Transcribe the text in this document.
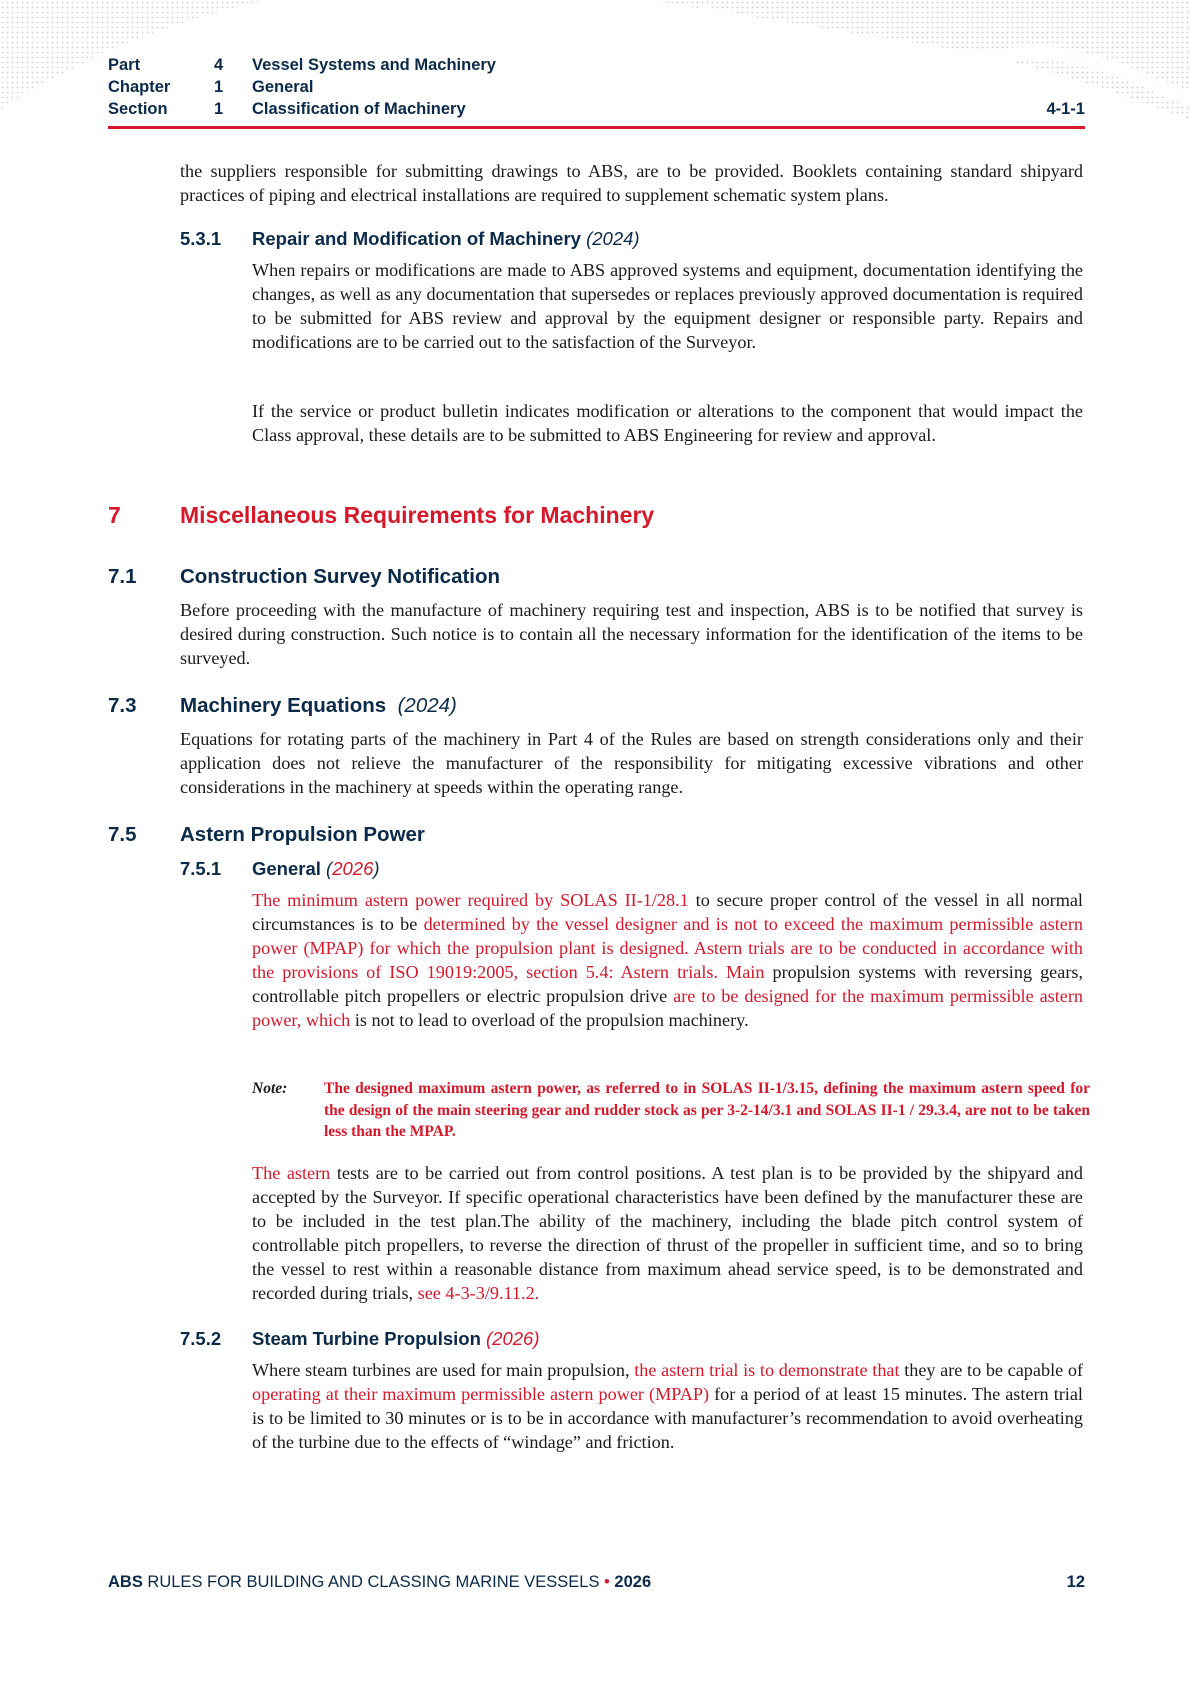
Part	4	Vessel Systems and Machinery
Chapter	1	General
Section	1	Classification of Machinery	4-1-1
the suppliers responsible for submitting drawings to ABS, are to be provided. Booklets containing standard shipyard practices of piping and electrical installations are required to supplement schematic system plans.
5.3.1 Repair and Modification of Machinery (2024)
When repairs or modifications are made to ABS approved systems and equipment, documentation identifying the changes, as well as any documentation that supersedes or replaces previously approved documentation is required to be submitted for ABS review and approval by the equipment designer or responsible party. Repairs and modifications are to be carried out to the satisfaction of the Surveyor.
If the service or product bulletin indicates modification or alterations to the component that would impact the Class approval, these details are to be submitted to ABS Engineering for review and approval.
7	Miscellaneous Requirements for Machinery
7.1 Construction Survey Notification
Before proceeding with the manufacture of machinery requiring test and inspection, ABS is to be notified that survey is desired during construction. Such notice is to contain all the necessary information for the identification of the items to be surveyed.
7.3 Machinery Equations (2024)
Equations for rotating parts of the machinery in Part 4 of the Rules are based on strength considerations only and their application does not relieve the manufacturer of the responsibility for mitigating excessive vibrations and other considerations in the machinery at speeds within the operating range.
7.5 Astern Propulsion Power
7.5.1 General (2026)
The minimum astern power required by SOLAS II-1/28.1 to secure proper control of the vessel in all normal circumstances is to be determined by the vessel designer and is not to exceed the maximum permissible astern power (MPAP) for which the propulsion plant is designed. Astern trials are to be conducted in accordance with the provisions of ISO 19019:2005, section 5.4: Astern trials. Main propulsion systems with reversing gears, controllable pitch propellers or electric propulsion drive are to be designed for the maximum permissible astern power, which is not to lead to overload of the propulsion machinery.
Note: The designed maximum astern power, as referred to in SOLAS II-1/3.15, defining the maximum astern speed for the design of the main steering gear and rudder stock as per 3-2-14/3.1 and SOLAS II-1 / 29.3.4, are not to be taken less than the MPAP.
The astern tests are to be carried out from control positions. A test plan is to be provided by the shipyard and accepted by the Surveyor. If specific operational characteristics have been defined by the manufacturer these are to be included in the test plan.The ability of the machinery, including the blade pitch control system of controllable pitch propellers, to reverse the direction of thrust of the propeller in sufficient time, and so to bring the vessel to rest within a reasonable distance from maximum ahead service speed, is to be demonstrated and recorded during trials, see 4-3-3/9.11.2.
7.5.2 Steam Turbine Propulsion (2026)
Where steam turbines are used for main propulsion, the astern trial is to demonstrate that they are to be capable of operating at their maximum permissible astern power (MPAP) for a period of at least 15 minutes. The astern trial is to be limited to 30 minutes or is to be in accordance with manufacturer’s recommendation to avoid overheating of the turbine due to the effects of “windage” and friction.
ABS RULES FOR BUILDING AND CLASSING MARINE VESSELS • 2026	12
